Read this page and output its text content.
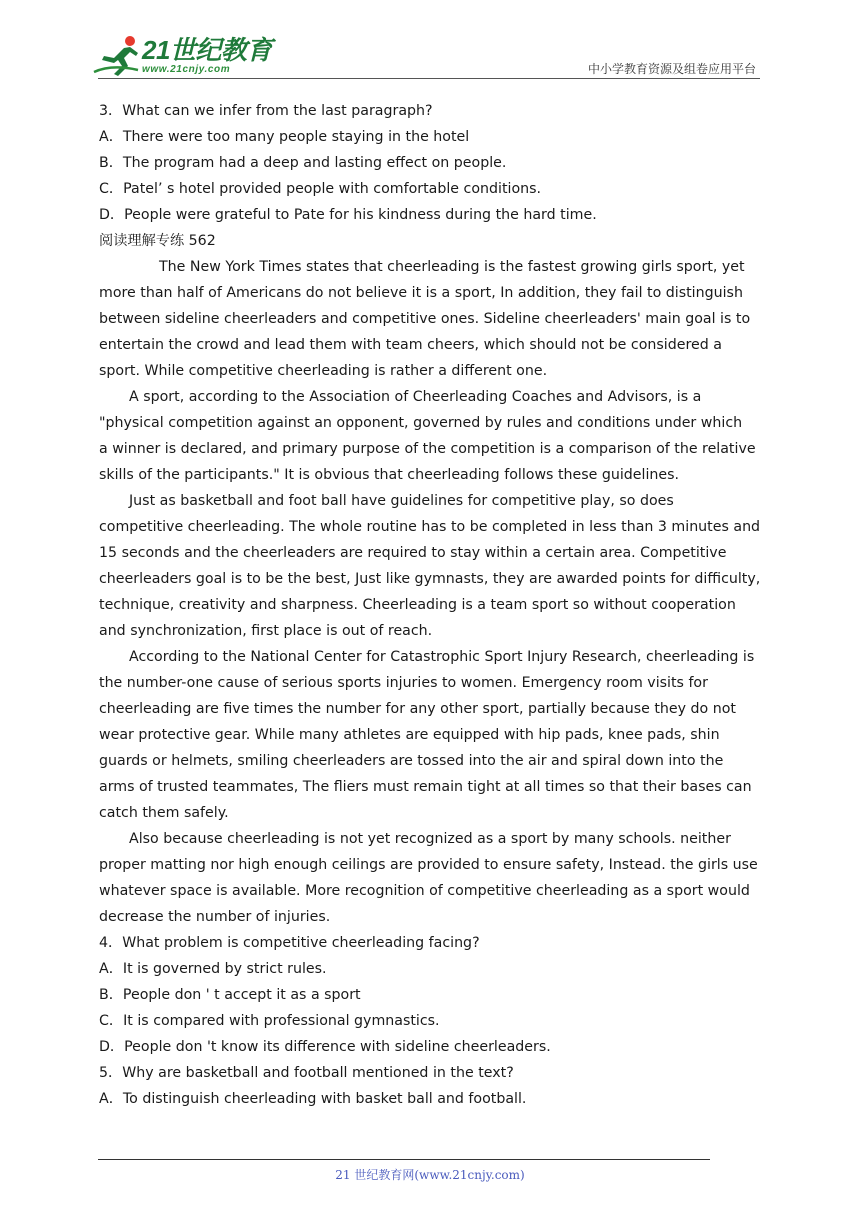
21世纪教育
www.21cnjy.com	中小学教育资源及组卷应用平台

3．What can we infer from the last paragraph?

A．There were too many people staying in the hotel

B．The program had a deep and lasting effect on people.

C．Patel’ s hotel provided people with comfortable conditions.

D．People were grateful to Pate for his kindness during the hard time.

阅读理解专练 562

The New York Times states that cheerleading is the fastest growing girls sport, yet

more than half of Americans do not believe it is a sport, In addition, they fail to distinguish

between sideline cheerleaders and competitive ones. Sideline cheerleaders' main goal is to

entertain the crowd and lead them with team cheers, which should not be considered a

sport. While competitive cheerleading is rather a different one.

A sport, according to the Association of Cheerleading Coaches and Advisors, is a

"physical competition against an opponent, governed by rules and conditions under which

a winner is declared, and primary purpose of the competition is a comparison of the relative

skills of the participants." It is obvious that cheerleading follows these guidelines.

Just as basketball and foot ball have guidelines for competitive play, so does

competitive cheerleading. The whole routine has to be completed in less than 3 minutes and

15 seconds and the cheerleaders are required to stay within a certain area. Competitive

cheerleaders goal is to be the best, Just like gymnasts, they are awarded points for difficulty,

technique, creativity and sharpness. Cheerleading is a team sport so without cooperation

and synchronization, first place is out of reach.

According to the National Center for Catastrophic Sport Injury Research, cheerleading is

the number-one cause of serious sports injuries to women. Emergency room visits for

cheerleading are five times the number for any other sport, partially because they do not

wear protective gear. While many athletes are equipped with hip pads, knee pads, shin

guards or helmets, smiling cheerleaders are tossed into the air and spiral down into the

arms of trusted teammates, The fliers must remain tight at all times so that their bases can

catch them safely.

Also because cheerleading is not yet recognized as a sport by many schools. neither

proper matting nor high enough ceilings are provided to ensure safety, Instead. the girls use

whatever space is available. More recognition of competitive cheerleading as a sport would

decrease the number of injuries.

4．What problem is competitive cheerleading facing?

A．It is governed by strict rules.

B．People don ' t accept it as a sport

C．It is compared with professional gymnastics.

D．People don 't know its difference with sideline cheerleaders.

5．Why are basketball and football mentioned in the text?

A．To distinguish cheerleading with basket ball and football.

21 世纪教育网(www.21cnjy.com)
